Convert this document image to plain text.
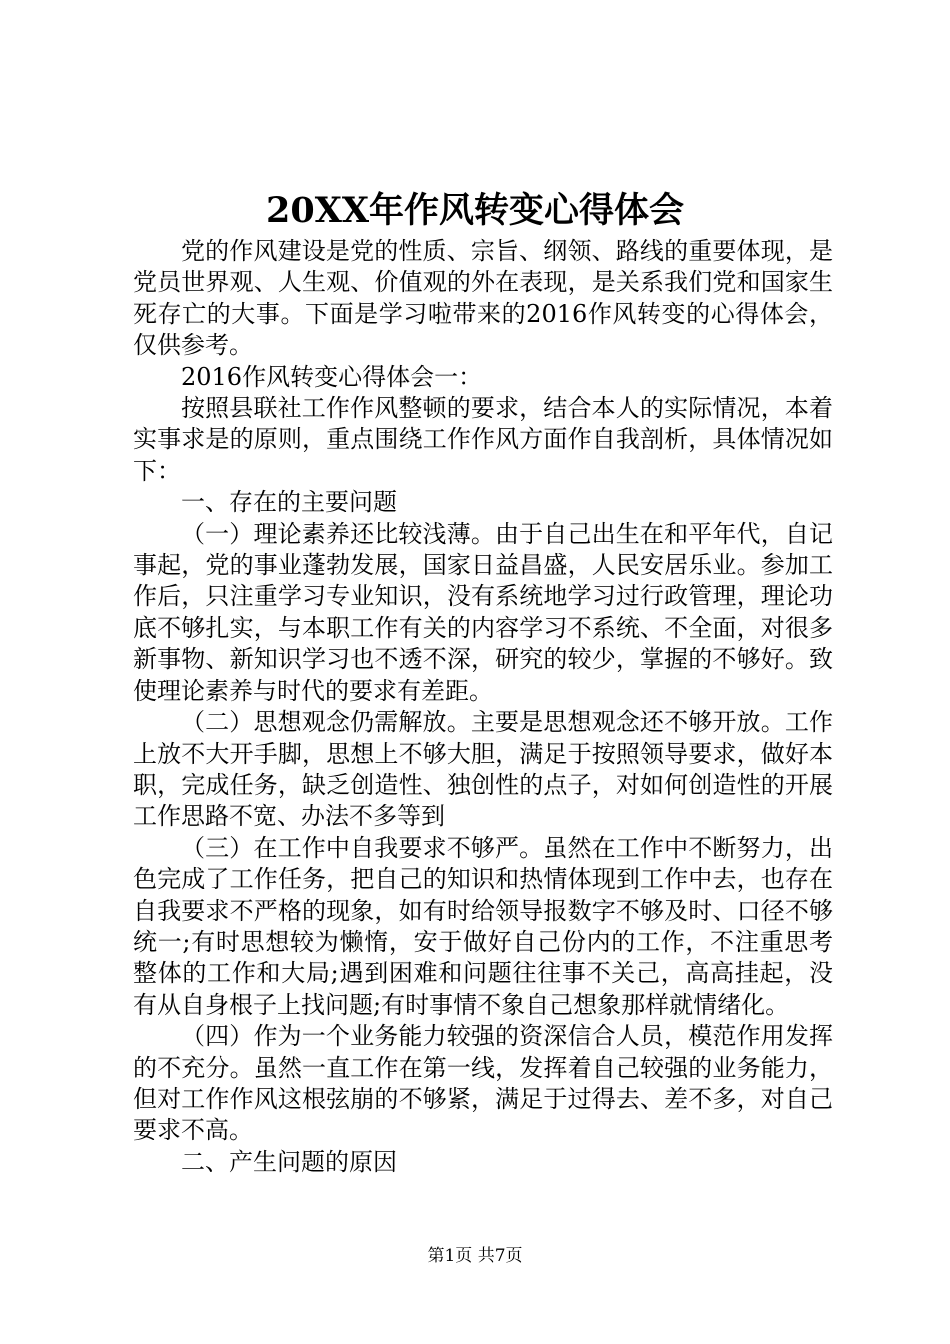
20XX年作风转变心得体会

党的作风建设是党的性质、宗旨、纲领、路线的重要体现，是党员世界观、人生观、价值观的外在表现，是关系我们党和国家生死存亡的大事。下面是学习啦带来的2016作风转变的心得体会，仅供参考。

2016作风转变心得体会一：

按照县联社工作作风整顿的要求，结合本人的实际情况，本着实事求是的原则，重点围绕工作作风方面作自我剖析，具体情况如下：

一、存在的主要问题

（一）理论素养还比较浅薄。由于自己出生在和平年代，自记事起，党的事业蓬勃发展，国家日益昌盛，人民安居乐业。参加工作后，只注重学习专业知识，没有系统地学习过行政管理，理论功底不够扎实，与本职工作有关的内容学习不系统、不全面，对很多新事物、新知识学习也不透不深，研究的较少，掌握的不够好。致使理论素养与时代的要求有差距。

（二）思想观念仍需解放。主要是思想观念还不够开放。工作上放不大开手脚，思想上不够大胆，满足于按照领导要求，做好本职，完成任务，缺乏创造性、独创性的点子，对如何创造性的开展工作思路不宽、办法不多等到

（三）在工作中自我要求不够严。虽然在工作中不断努力，出色完成了工作任务，把自己的知识和热情体现到工作中去，也存在自我要求不严格的现象，如有时给领导报数字不够及时、口径不够统一;有时思想较为懒惰，安于做好自己份内的工作，不注重思考整体的工作和大局;遇到困难和问题往往事不关己，高高挂起，没有从自身根子上找问题;有时事情不象自己想象那样就情绪化。

（四）作为一个业务能力较强的资深信合人员，模范作用发挥的不充分。虽然一直工作在第一线，发挥着自己较强的业务能力，但对工作作风这根弦崩的不够紧，满足于过得去、差不多，对自己要求不高。

二、产生问题的原因

第1页 共7页
